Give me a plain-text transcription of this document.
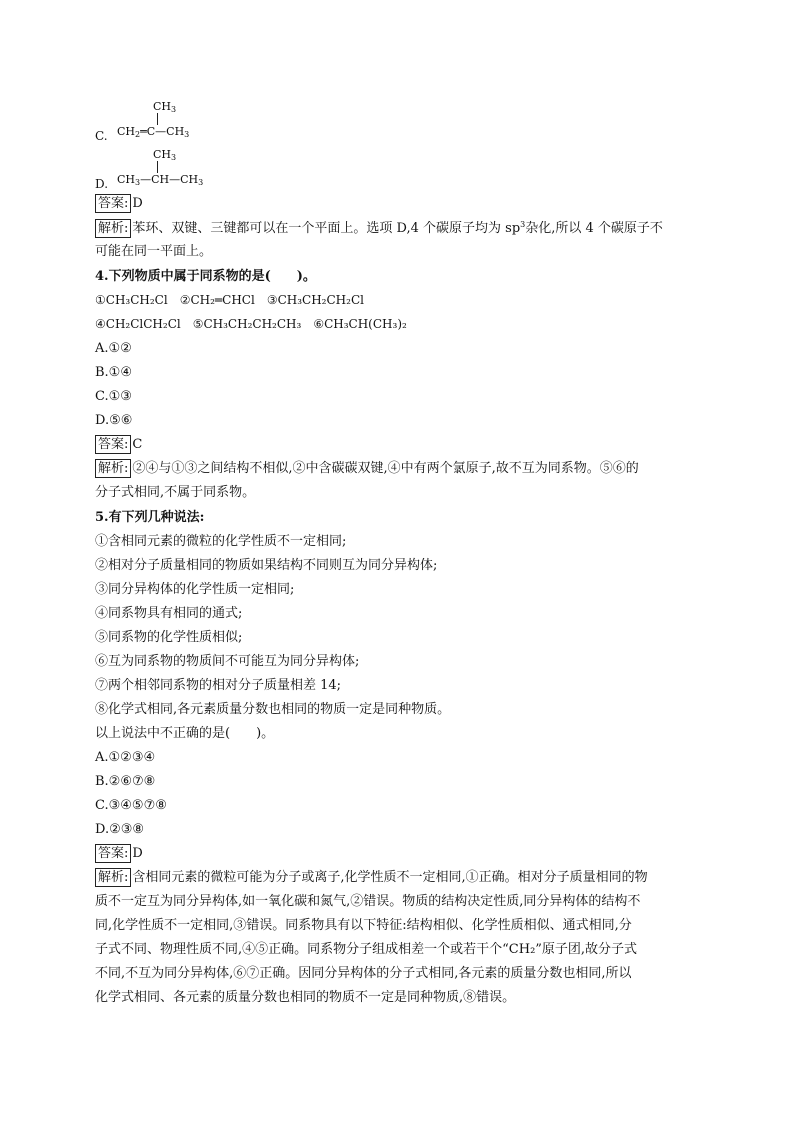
$CH_3$
C. $CH_2═C—CH_3$
$CH_3$
D. $CH_3—CH—CH_3$
答案: D
解析: 苯环、双键、三键都可以在一个平面上。选项 D,4 个碳原子均为 $sp^3$杂化,所以 4 个碳原子不
可能在同一平面上。
4.下列物质中属于同系物的是(　　)。
①CH₃CH₂Cl ②CH₂═CHCl ③CH₃CH₂CH₂Cl
④CH₂ClCH₂Cl ⑤CH₃CH₂CH₂CH₃ ⑥CH₃CH(CH₃)₂
A.①②
B.①④
C.①③
D.⑤⑥
答案: C
解析: ②④与①③之间结构不相似,②中含碳碳双键,④中有两个氯原子,故不互为同系物。⑤⑥的
分子式相同,不属于同系物。
5.有下列几种说法:
①含相同元素的微粒的化学性质不一定相同;
②相对分子质量相同的物质如果结构不同则互为同分异构体;
③同分异构体的化学性质一定相同;
④同系物具有相同的通式;
⑤同系物的化学性质相似;
⑥互为同系物的物质间不可能互为同分异构体;
⑦两个相邻同系物的相对分子质量相差 14;
⑧化学式相同,各元素质量分数也相同的物质一定是同种物质。
以上说法中不正确的是(　　)。
A.①②③④
B.②⑥⑦⑧
C.③④⑤⑦⑧
D.②③⑧
答案: D
解析: 含相同元素的微粒可能为分子或离子,化学性质不一定相同,①正确。相对分子质量相同的物
质不一定互为同分异构体,如一氧化碳和氮气,②错误。物质的结构决定性质,同分异构体的结构不
同,化学性质不一定相同,③错误。同系物具有以下特征:结构相似、化学性质相似、通式相同,分
子式不同、物理性质不同,④⑤正确。同系物分子组成相差一个或若干个“CH₂”原子团,故分子式
不同,不互为同分异构体,⑥⑦正确。因同分异构体的分子式相同,各元素的质量分数也相同,所以
化学式相同、各元素的质量分数也相同的物质不一定是同种物质,⑧错误。
